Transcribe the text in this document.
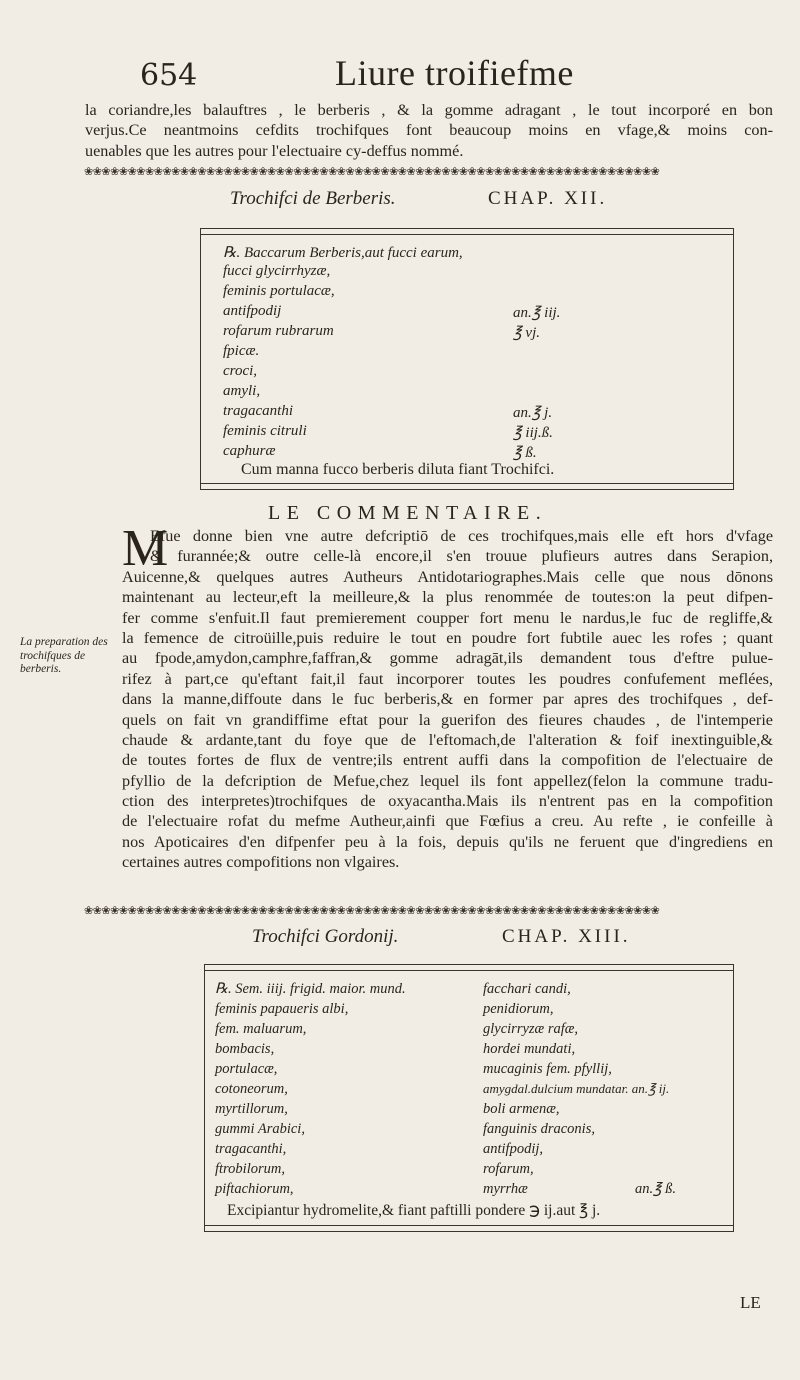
654	Liure troifiefme
la coriandre,les balauftres , le berberis , & la gomme adragant , le tout incorporé en bon
verjus.Ce neantmoins cefdits trochifques font beaucoup moins en vfage,& moins con-
uenables que les autres pour l'electuaire cy-deffus nommé.
❀❀❀❀❀❀❀❀❀❀❀❀❀❀❀❀❀❀❀❀❀❀❀❀❀❀❀❀❀❀❀❀❀❀❀❀❀❀❀❀❀❀❀❀❀❀❀❀❀❀❀❀❀❀❀❀❀❀❀❀❀❀❀❀❀❀
Trochifci de Berberis.	CHAP. XII.
℞. Baccarum Berberis,aut fucci earum,
fucci glycirrhyzæ,
feminis portulacæ,
antifpodij	an.℥ iij.
rofarum rubrarum	℥ vj.
fpicæ.
croci,
amyli,
tragacanthi	an.℥ j.
feminis citruli	℥ iij.ß.
caphuræ	℥ ß.
Cum manna fucco berberis diluta fiant Trochifci.
LE COMMENTAIRE.
M
Efue donne bien vne autre defcriptiō de ces trochifques,mais elle eft hors d'vfage
& furannée;& outre celle-là encore,il s'en trouue plufieurs autres dans Serapion,
Auicenne,& quelques autres Autheurs Antidotariographes.Mais celle que nous dōnons
maintenant au lecteur,eft la meilleure,& la plus renommée de toutes:on la peut difpen-
fer comme s'enfuit.Il faut premierement coupper fort menu le nardus,le fuc de regliffe,&
la femence de citroüille,puis reduire le tout en poudre fort fubtile auec les rofes ; quant
au fpode,amydon,camphre,faffran,& gomme adragāt,ils demandent tous d'eftre pulue-
rifez à part,ce qu'eftant fait,il faut incorporer toutes les poudres confufement meflées,
dans la manne,diffoute dans le fuc berberis,& en former par apres des trochifques , def-
quels on fait vn grandiffime eftat pour la guerifon des fieures chaudes , de l'intemperie
chaude & ardante,tant du foye que de l'eftomach,de l'alteration & foif inextinguible,&
de toutes fortes de flux de ventre;ils entrent auffi dans la compofition de l'electuaire de
pfyllio de la defcription de Mefue,chez lequel ils font appellez(felon la commune tradu-
ction des interpretes)trochifques de oxyacantha.Mais ils n'entrent pas en la compofition
de l'electuaire rofat du mefme Autheur,ainfi que Fœfius a creu. Au refte , ie confeille à
nos Apoticaires d'en difpenfer peu à la fois, depuis qu'ils ne feruent que d'ingrediens en
certaines autres compofitions non vlgaires.
La preparation des trochifques de berberis.
❀❀❀❀❀❀❀❀❀❀❀❀❀❀❀❀❀❀❀❀❀❀❀❀❀❀❀❀❀❀❀❀❀❀❀❀❀❀❀❀❀❀❀❀❀❀❀❀❀❀❀❀❀❀❀❀❀❀❀❀❀❀❀❀❀❀
Trochifci Gordonij.	CHAP. XIII.
℞. Sem. iiij. frigid. maior. mund.
feminis papaueris albi,
fem. maluarum,
bombacis,
portulacæ,
cotoneorum,
myrtillorum,
gummi Arabici,
tragacanthi,
ftrobilorum,
piftachiorum,
facchari candi,
penidiorum,
glycirryzæ rafæ,
hordei mundati,
mucaginis fem. pfyllij,
amygdal.dulcium mundatar. an.℥ ij.
boli armenæ,
fanguinis draconis,
antifpodij,
rofarum,
myrrhæ	an.℥ ß.
Excipiantur hydromelite,& fiant paftilli pondere ℈ ij.aut ℥ j.
LE
